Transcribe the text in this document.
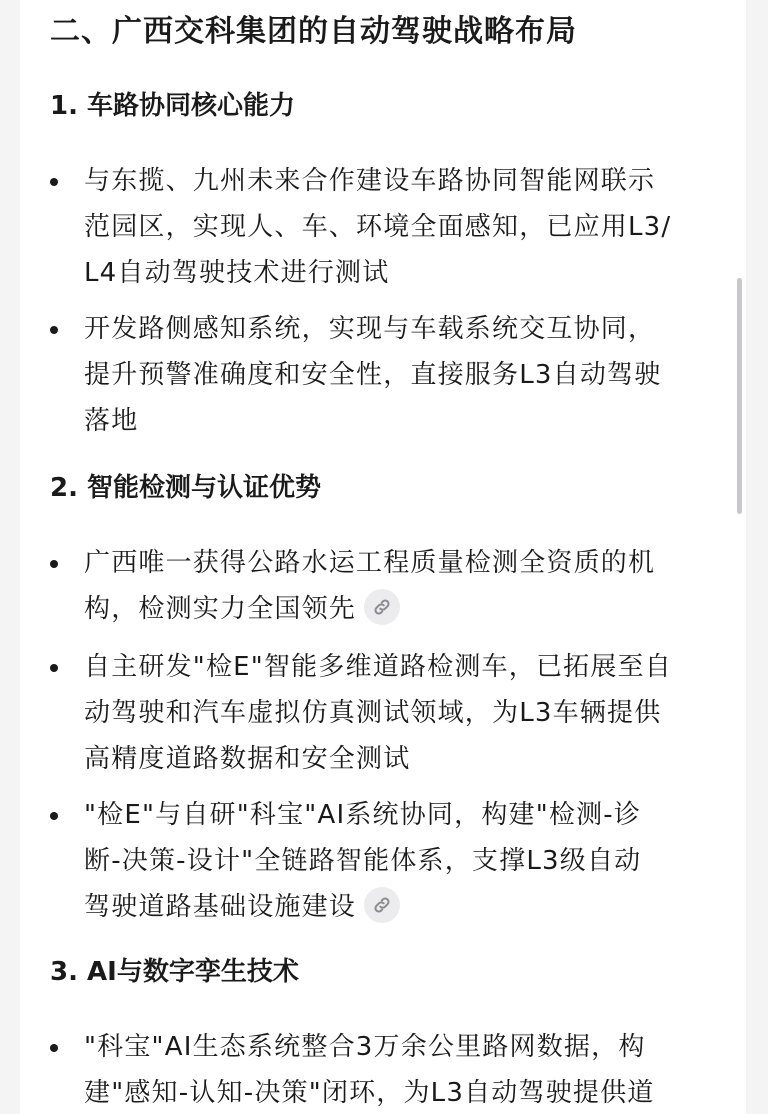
二、广西交科集团的自动驾驶战略布局
1. 车路协同核心能力
与东揽、九州未来合作建设车路协同智能网联示
范园区，实现人、车、环境全面感知，已应用L3/
L4自动驾驶技术进行测试
开发路侧感知系统，实现与车载系统交互协同，
提升预警准确度和安全性，直接服务L3自动驾驶
落地
2. 智能检测与认证优势
广西唯一获得公路水运工程质量检测全资质的机
构，检测实力全国领先
自主研发"检E"智能多维道路检测车，已拓展至自
动驾驶和汽车虚拟仿真测试领域，为L3车辆提供
高精度道路数据和安全测试
"检E"与自研"科宝"AI系统协同，构建"检测-诊
断-决策-设计"全链路智能体系，支撑L3级自动
驾驶道路基础设施建设
3. AI与数字孪生技术
"科宝"AI生态系统整合3万余公里路网数据，构
建"感知-认知-决策"闭环，为L3自动驾驶提供道
